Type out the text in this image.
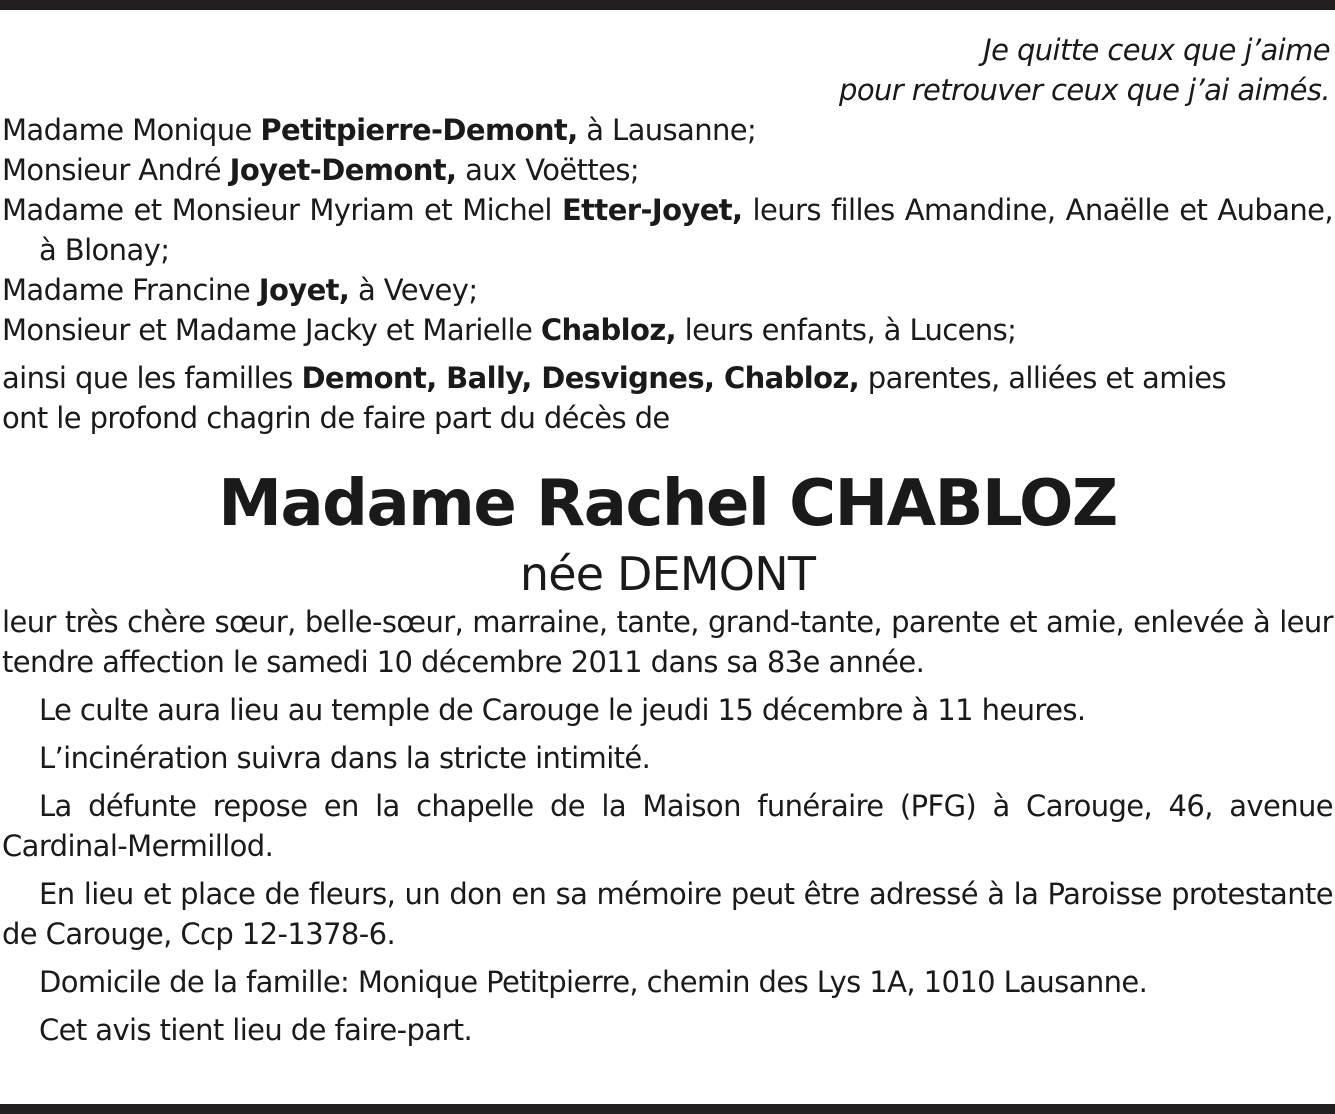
Je quitte ceux que j’aime
pour retrouver ceux que j’ai aimés.
Madame Monique Petitpierre-Demont, à Lausanne;
Monsieur André Joyet-Demont, aux Voëttes;
Madame et Monsieur Myriam et Michel Etter-Joyet, leurs filles Amandine, Anaëlle et Aubane, à Blonay;
Madame Francine Joyet, à Vevey;
Monsieur et Madame Jacky et Marielle Chabloz, leurs enfants, à Lucens;
ainsi que les familles Demont, Bally, Desvignes, Chabloz, parentes, alliées et amies
ont le profond chagrin de faire part du décès de
Madame Rachel CHABLOZ
née DEMONT
leur très chère sœur, belle-sœur, marraine, tante, grand-tante, parente et amie, enlevée à leur tendre affection le samedi 10 décembre 2011 dans sa 83e année.
Le culte aura lieu au temple de Carouge le jeudi 15 décembre à 11 heures.
L’incinération suivra dans la stricte intimité.
La défunte repose en la chapelle de la Maison funéraire (PFG) à Carouge, 46, avenue Cardinal-Mermillod.
En lieu et place de fleurs, un don en sa mémoire peut être adressé à la Paroisse protestante de Carouge, Ccp 12-1378-6.
Domicile de la famille: Monique Petitpierre, chemin des Lys 1A, 1010 Lausanne.
Cet avis tient lieu de faire-part.
